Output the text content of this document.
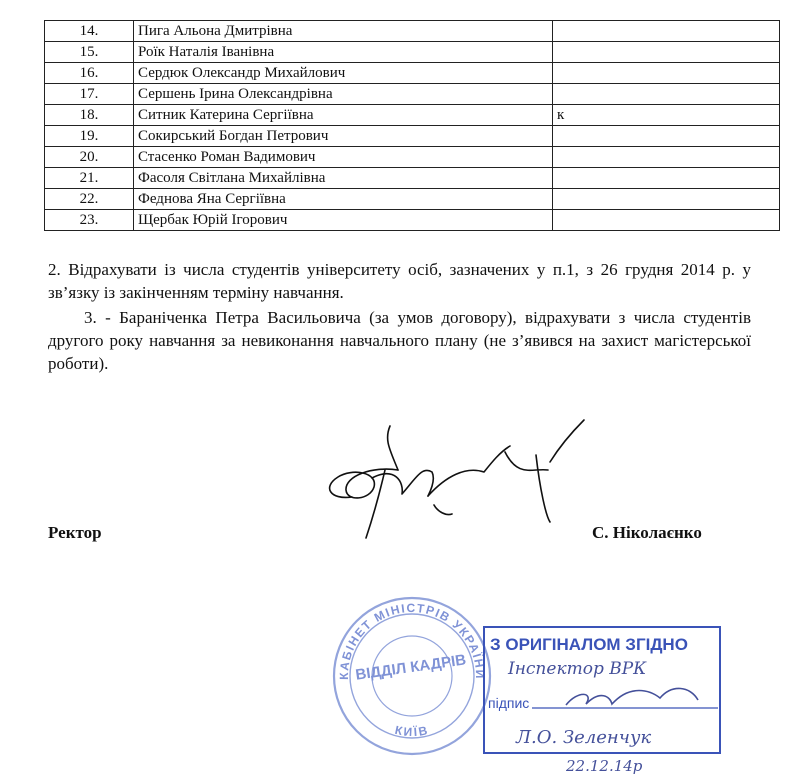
14.	Пига Альона Дмитрівна	
15.	Роїк Наталія Іванівна	
16.	Сердюк Олександр Михайлович	
17.	Сершень Ірина Олександрівна	
18.	Ситник Катерина Сергіївна	к
19.	Сокирський Богдан Петрович	
20.	Стасенко Роман Вадимович	
21.	Фасоля Світлана Михайлівна	
22.	Феднова Яна Сергіївна	
23.	Щербак Юрій Ігорович	

2. Відрахувати із числа студентів університету осіб, зазначених у п.1, з 26 грудня 2014 р. у зв’язку із закінченням терміну навчання.

3. - Бараніченка Петра Васильовича (за умов договору), відрахувати з числа студентів другого року навчання за невиконання навчального плану (не з’явився на захист магістерської роботи).

КАБІНЕТ МІНІСТРІВ УКРАЇНИ
ВІДДІЛ КАДРІВ
КИЇВ
З ОРИГІНАЛОМ ЗГІДНО
Інспектор ВРК
підпис
Л.О. Зеленчук
22.12.14р
Ректор	С. Ніколаєнко
